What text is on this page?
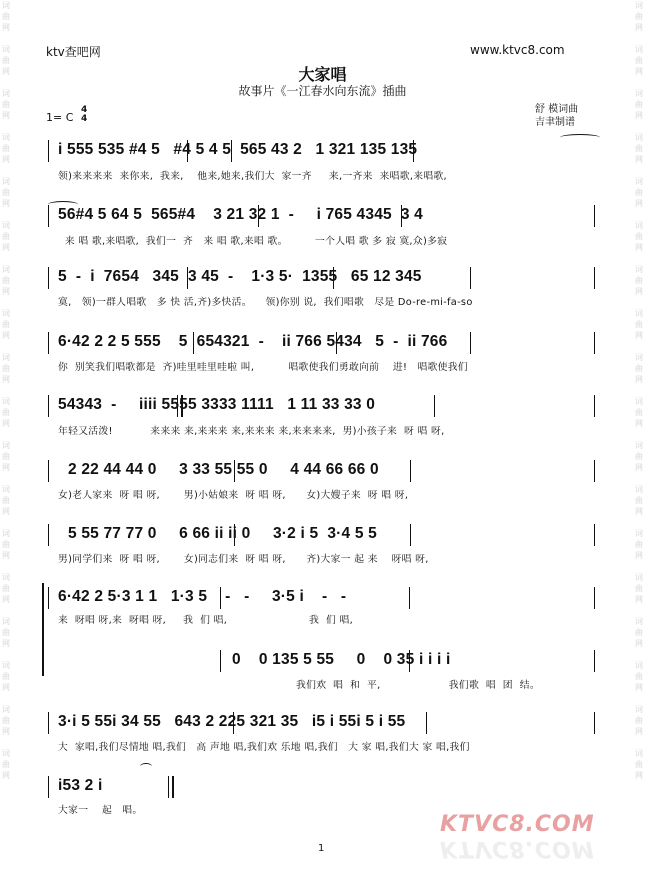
词曲网

词曲网

词曲网

词曲网

词曲网

词曲网

词曲网

词曲网

词曲网

词曲网

词曲网

词曲网

词曲网

词曲网

词曲网

词曲网

词曲网

词曲网
词曲网

词曲网

词曲网

词曲网

词曲网

词曲网

词曲网

词曲网

词曲网

词曲网

词曲网

词曲网

词曲网

词曲网

词曲网

词曲网

词曲网

词曲网
ktv查吧网	www.ktvc8.com
大家唱
故事片《一江春水向东流》插曲
1= C
4
4
舒 模词曲
吉聿制谱
i 555 535 #4 5   #4 5 4 5  565 43 2   1 321 135 135
领)来来来来  来你来,  我来,    他来,她来,我们大  家一齐     来,一齐来  来唱歌,来唱歌,
56#4 5 64 5  565#4    3 21 32 1  -     i 765 4345  3 4
来 唱 歌,来唱歌,  我们一  齐   来 唱 歌,来唱 歌。        一个人唱 歌 多 寂 寞,众)多寂
5  -  i  7654   345  3 45  -    1·3 5·  1355   65 12 345
寞,   领)一群人唱歌   多 快 活,齐)多快活。    领)你别 说,  我们唱歌   尽是 Do-re-mi-fa-so
6·42 2 2 5 555    5  654321  -    ii 766 5434   5  -  ii 766
你  别笑我们唱歌都是  齐)哇里哇里哇啦 叫,          唱歌使我们勇敢向前    进!   唱歌使我们
54343  -     iiii 5555 3333 1111   1 11 33 33 0
年轻又活泼!           来来来 来,来来来 来,来来来 来,来来来来,  男)小孩子来  呀 唱 呀,
2 22 44 44 0     3 33 55 55 0     4 44 66 66 0
女)老人家来  呀 唱 呀,       男)小姑娘来  呀 唱 呀,      女)大嫂子来  呀 唱 呀,
5 55 77 77 0     6 66 ii ii 0     3·2 i 5  3·4 5 5
男)同学们来  呀 唱 呀,       女)同志们来  呀 唱 呀,      齐)大家一 起 来    呀唱 呀,
6·42 2 5·3 1 1   1·3 5    -   -     3·5 i    -   -
来  呀唱 呀,来  呀唱 呀,     我  们 唱,                        我  们 唱,
0    0 135 5 55     0    0 35 i i i i
我们欢  唱  和  平,                    我们歌  唱  团  结。
3·i 5 55i 34 55   643 2 225 321 35   i5 i 55i 5 i 55
大  家唱,我们尽情地 唱,我们   高 声地 唱,我们欢 乐地 唱,我们   大 家 唱,我们大 家 唱,我们
i53 2 i
大家一    起   唱。
1
KTVC8.COM
KTVC8.COM
